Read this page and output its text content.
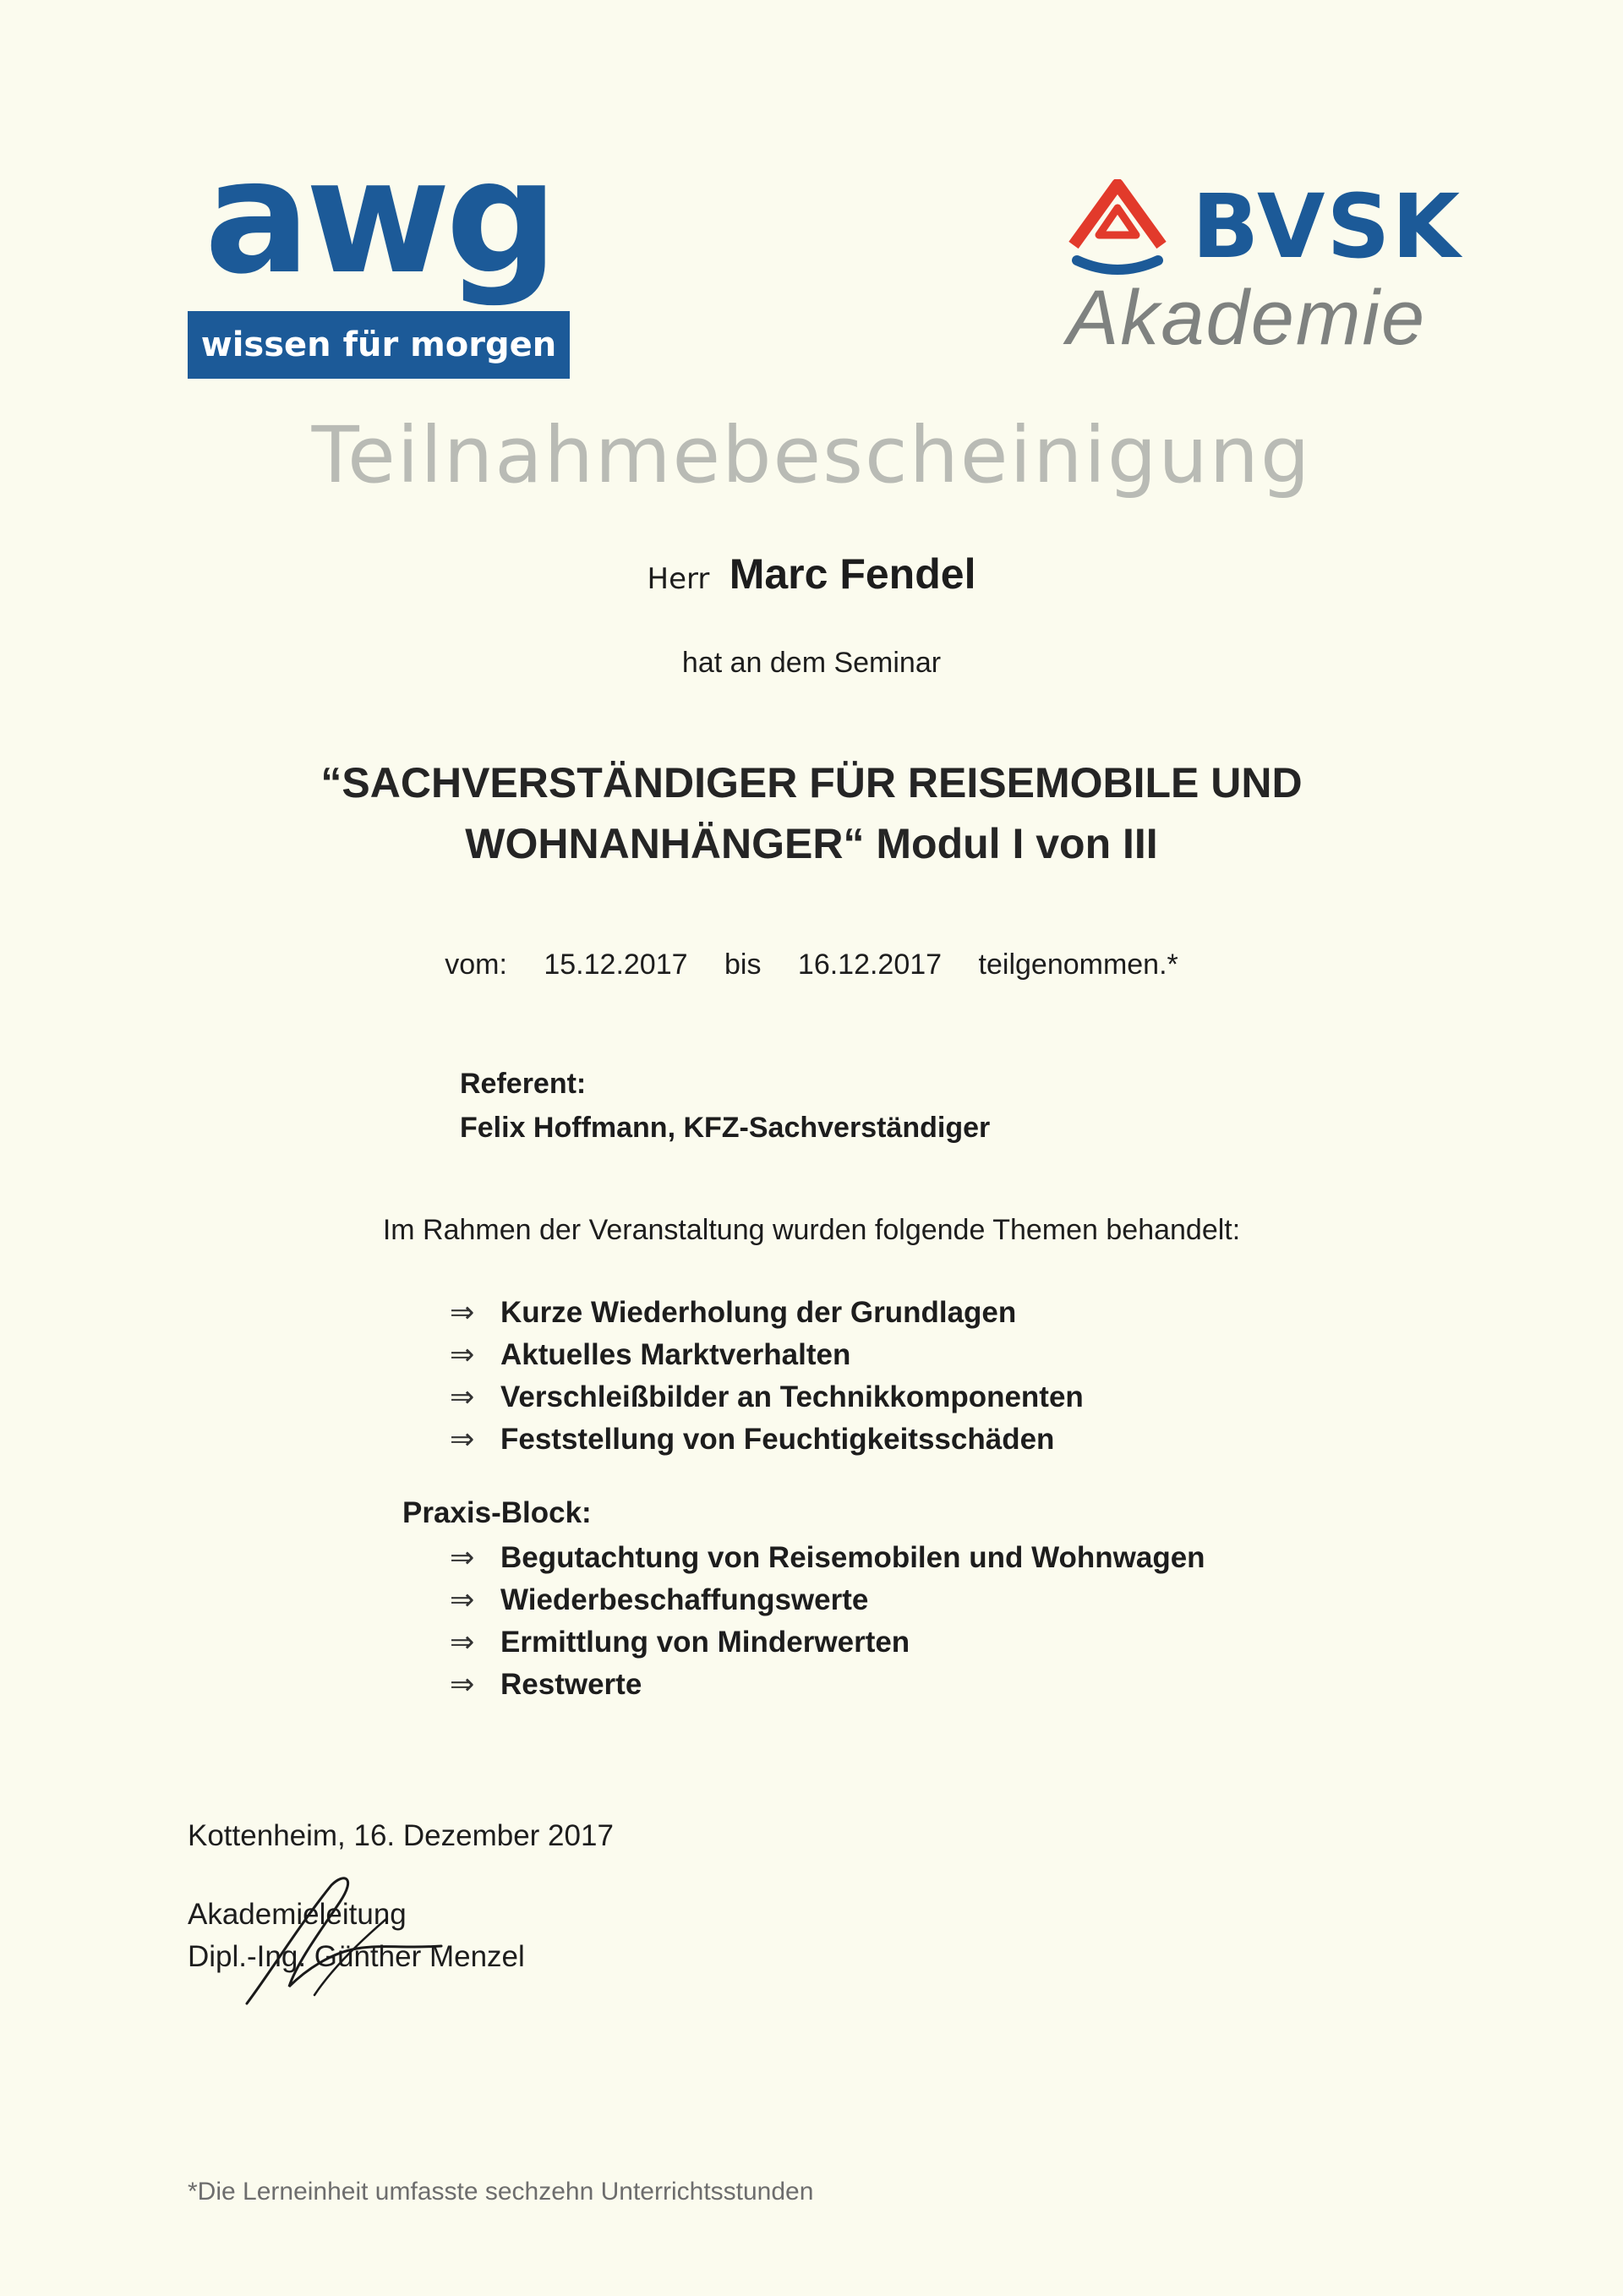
awg
wissen für morgen
BVSK
Akademie
Teilnahmebescheinigung
Herr Marc Fendel
hat an dem Seminar
“SACHVERSTÄNDIGER FÜR REISEMOBILE UND
WOHNANHÄNGER“ Modul I von III
vom: 15.12.2017 bis 16.12.2017 teilgenommen.*
Referent:
Felix Hoffmann, KFZ-Sachverständiger
Im Rahmen der Veranstaltung wurden folgende Themen behandelt:
⇒ Kurze Wiederholung der Grundlagen
⇒ Aktuelles Marktverhalten
⇒ Verschleißbilder an Technikkomponenten
⇒ Feststellung von Feuchtigkeitsschäden
Praxis-Block:
⇒ Begutachtung von Reisemobilen und Wohnwagen
⇒ Wiederbeschaffungswerte
⇒ Ermittlung von Minderwerten
⇒ Restwerte
Kottenheim, 16. Dezember 2017
Akademieleitung
Dipl.-Ing. Günther Menzel
*Die Lerneinheit umfasste sechzehn Unterrichtsstunden
